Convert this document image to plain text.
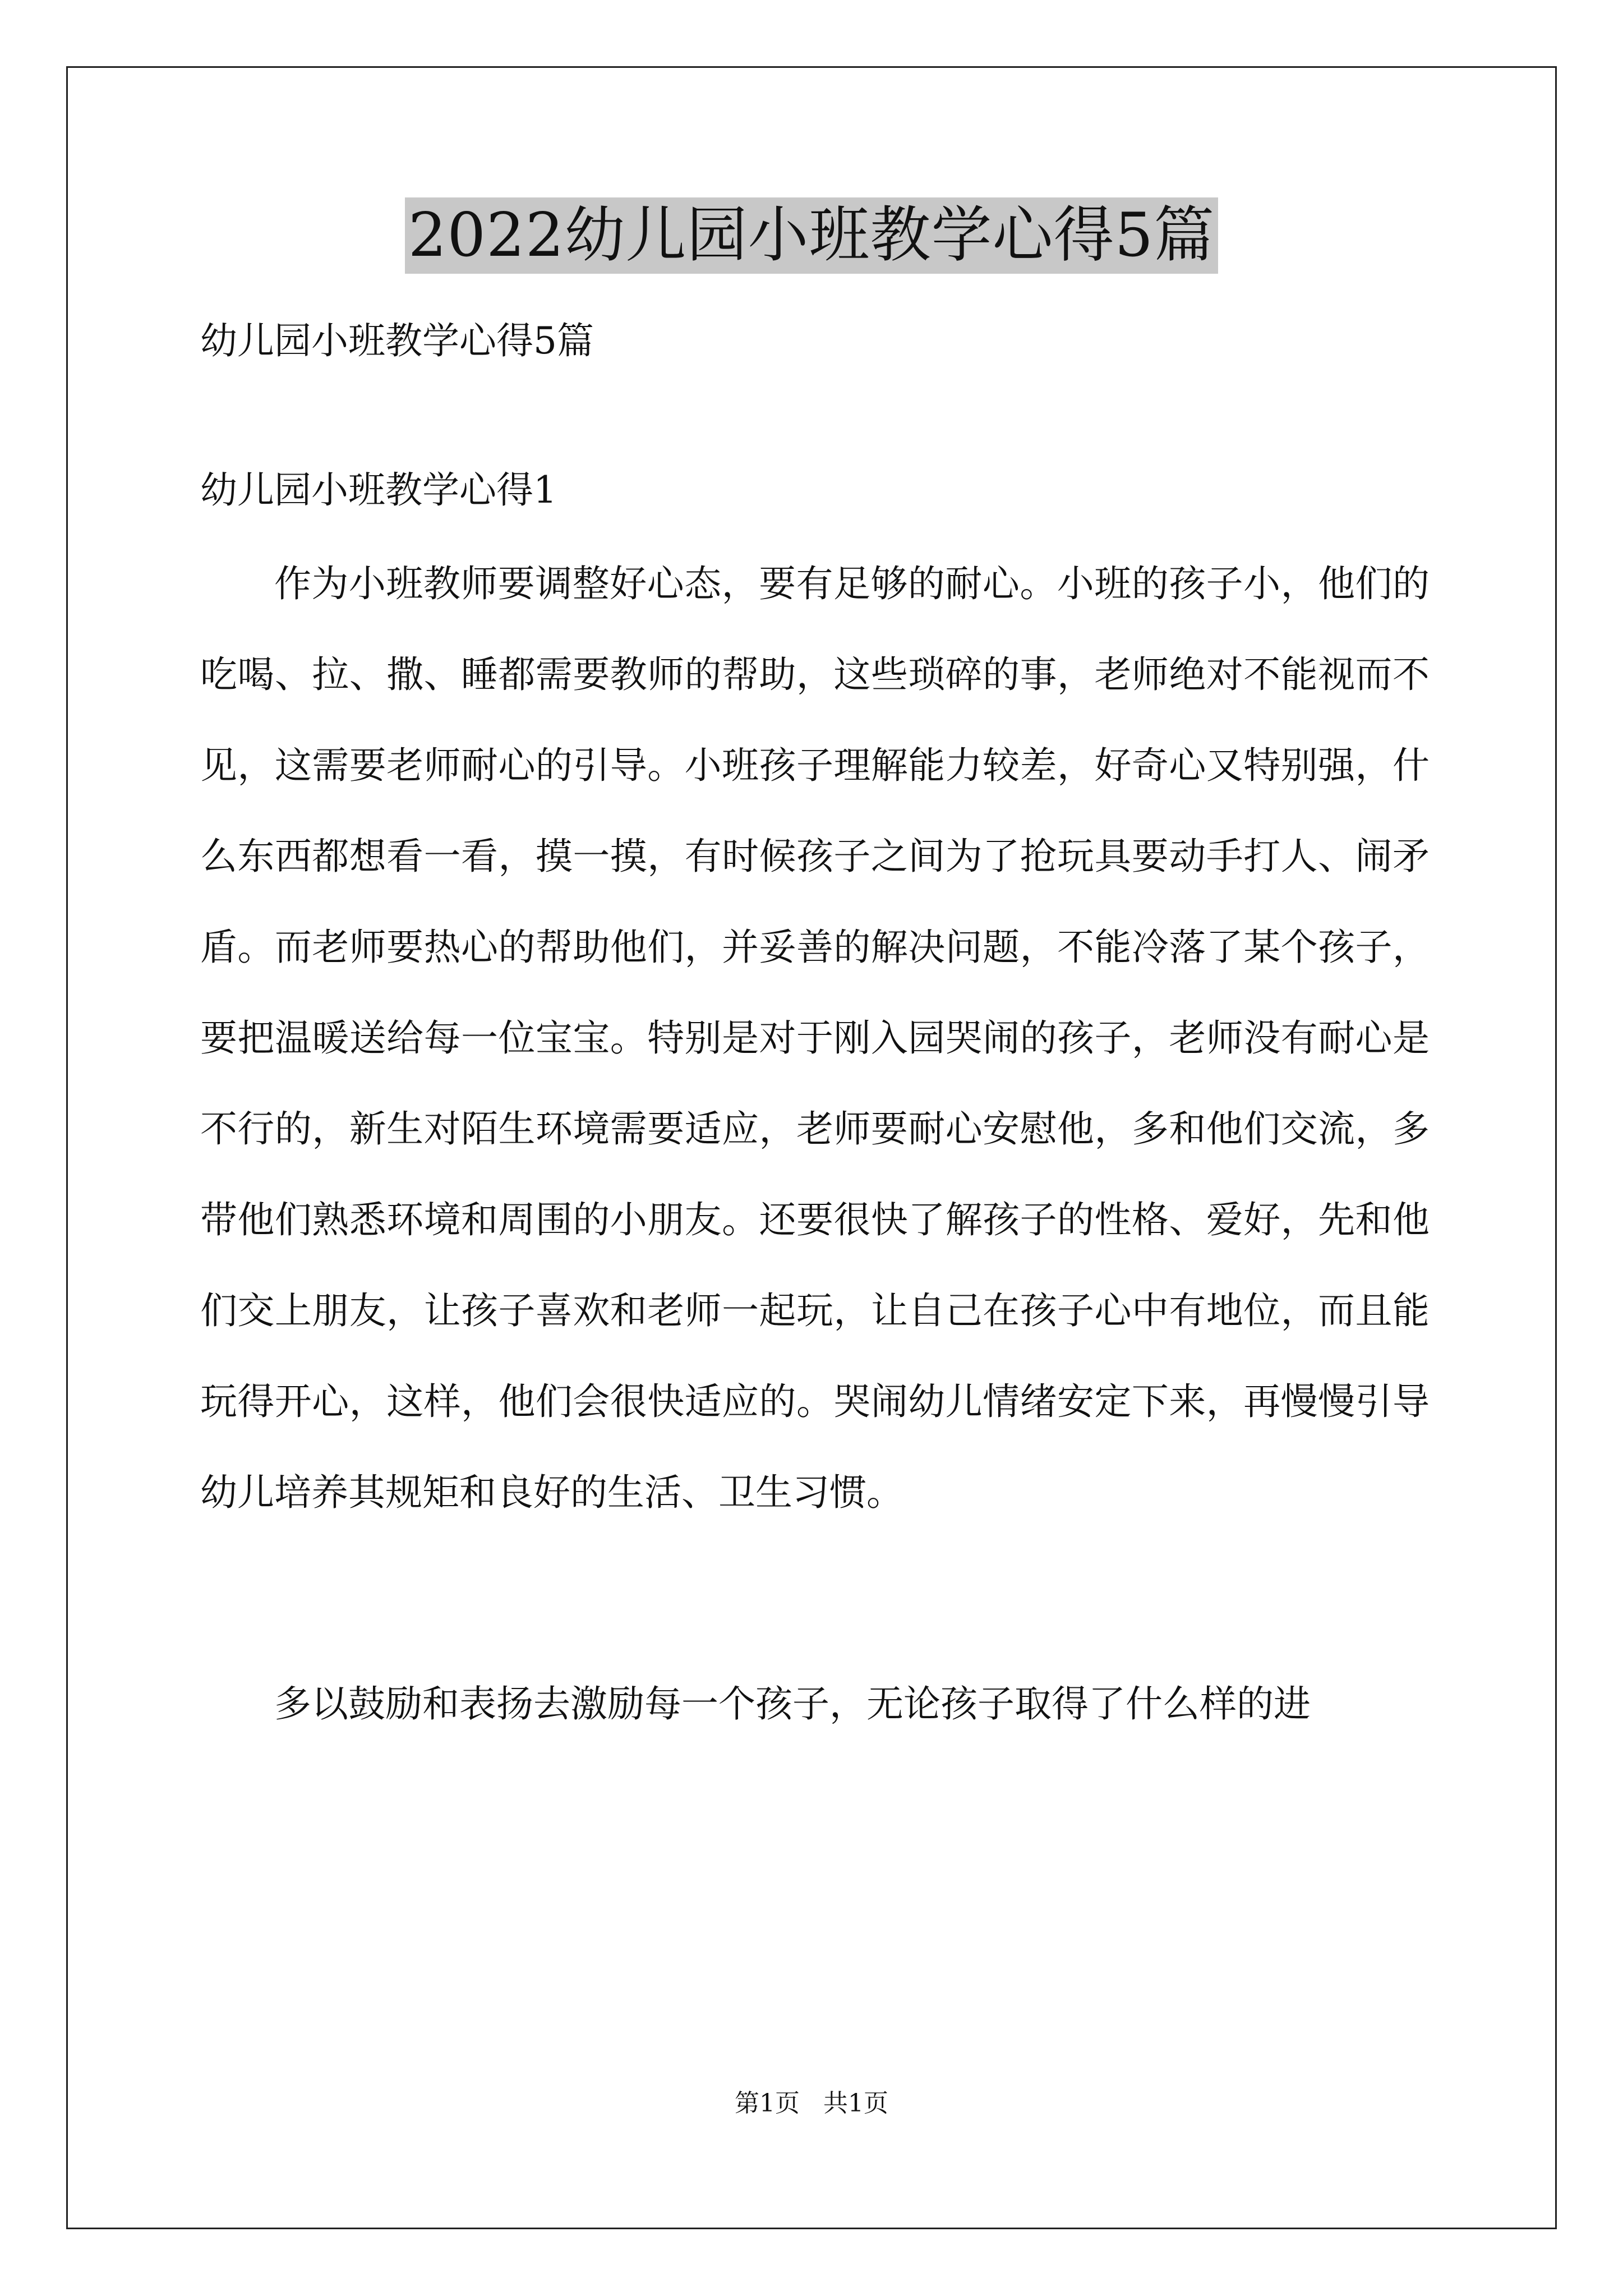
2022幼儿园小班教学心得5篇
幼儿园小班教学心得5篇
幼儿园小班教学心得1

作为小班教师要调整好心态，要有足够的耐心。小班的孩子小，他们的吃喝、拉、撒、睡都需要教师的帮助，这些琐碎的事，老师绝对不能视而不见，这需要老师耐心的引导。小班孩子理解能力较差，好奇心又特别强，什么东西都想看一看，摸一摸，有时候孩子之间为了抢玩具要动手打人、闹矛盾。而老师要热心的帮助他们，并妥善的解决问题，不能冷落了某个孩子，要把温暖送给每一位宝宝。特别是对于刚入园哭闹的孩子，老师没有耐心是不行的，新生对陌生环境需要适应，老师要耐心安慰他，多和他们交流，多带他们熟悉环境和周围的小朋友。还要很快了解孩子的性格、爱好，先和他们交上朋友，让孩子喜欢和老师一起玩，让自己在孩子心中有地位，而且能玩得开心，这样，他们会很快适应的。哭闹幼儿情绪安定下来，再慢慢引导幼儿培养其规矩和良好的生活、卫生习惯。

多以鼓励和表扬去激励每一个孩子，无论孩子取得了什么样的进

第1页   共1页
